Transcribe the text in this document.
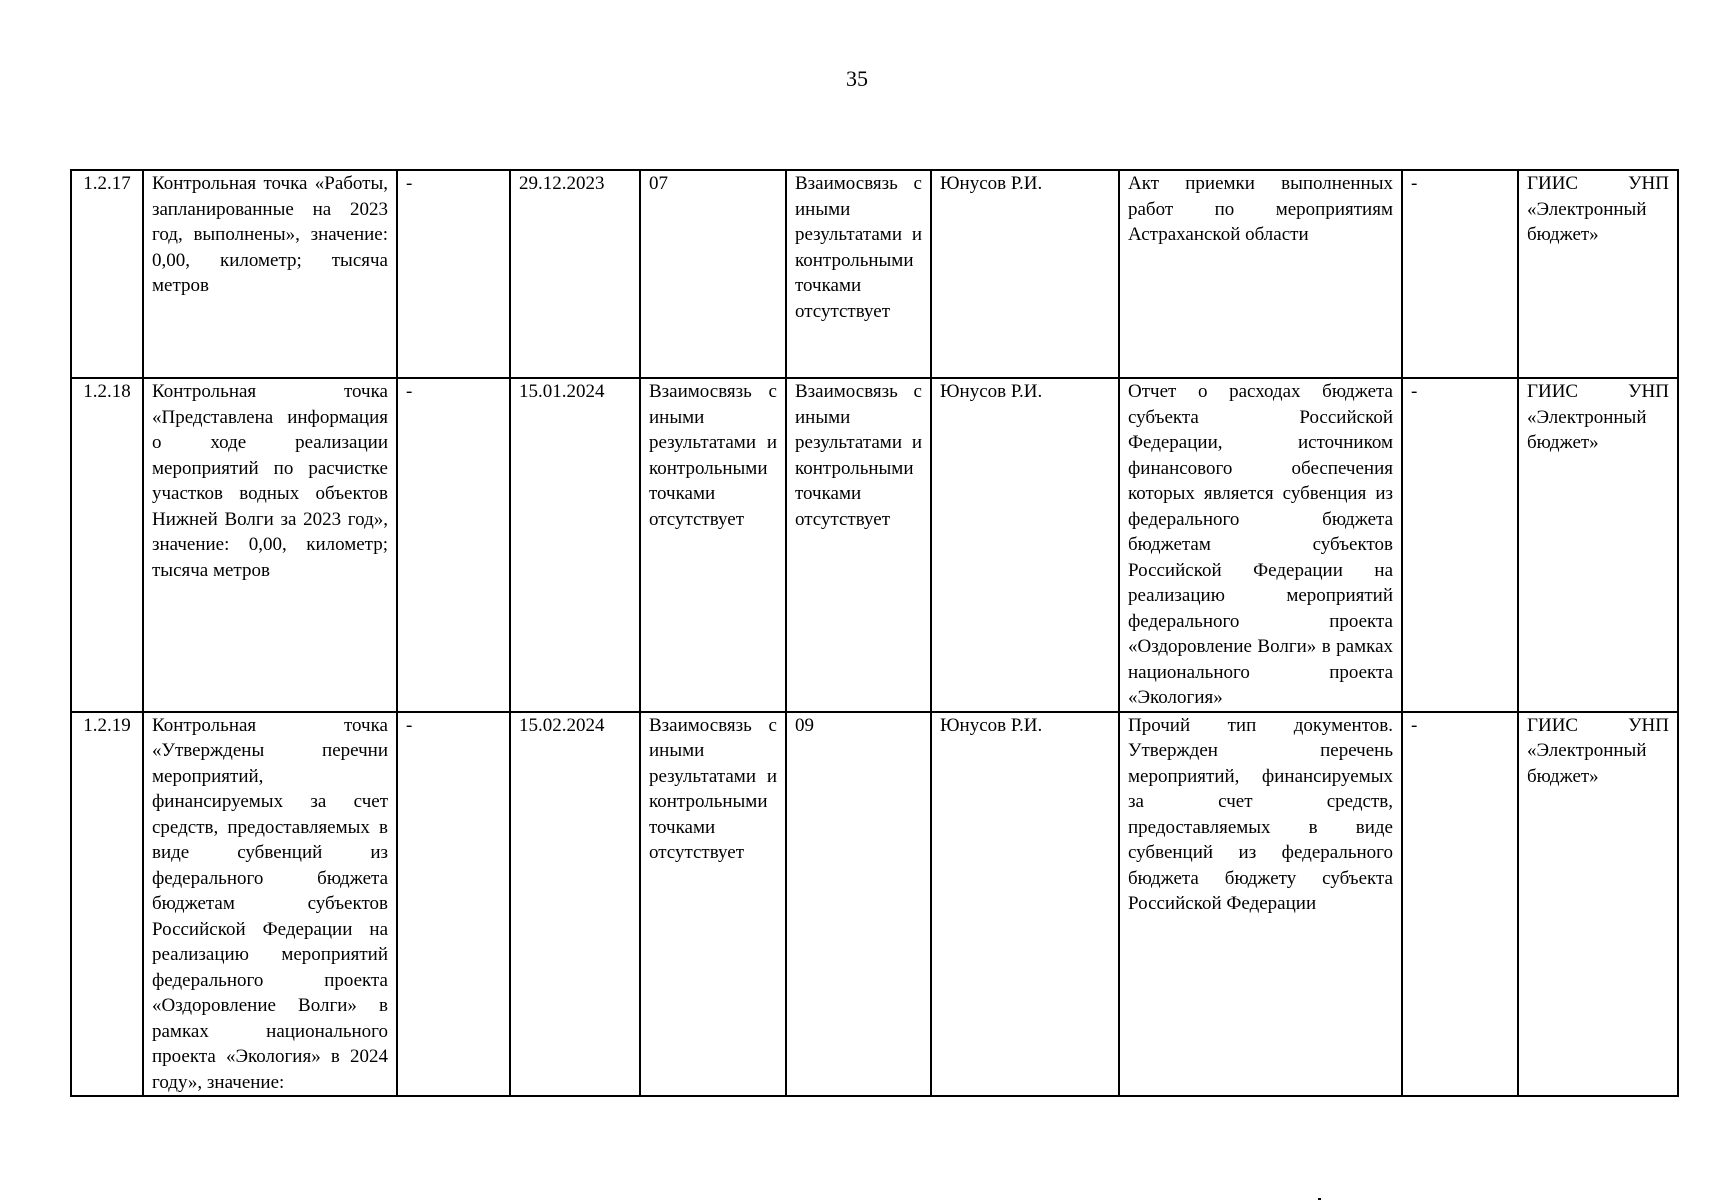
35
1.2.17	Контрольная точка «Работы, запланированные на 2023 год, выполнены», значение: 0,00, километр; тысяча метров	-	29.12.2023	07	Взаимосвязь с иными результатами и контрольными точками отсутствует	Юнусов Р.И.	Акт приемки выполненных работ по мероприятиям Астраханской области	-	ГИИС УНП «Электронный бюджет»
1.2.18	Контрольная точка «Представлена информация о ходе реализации мероприятий по расчистке участков водных объектов Нижней Волги за 2023 год», значение: 0,00, километр; тысяча метров	-	15.01.2024	Взаимосвязь с иными результатами и контрольными точками отсутствует	Взаимосвязь с иными результатами и контрольными точками отсутствует	Юнусов Р.И.	Отчет о расходах бюджета субъекта Российской Федерации, источником финансового обеспечения которых является субвенция из федерального бюджета бюджетам субъектов Российской Федерации на реализацию мероприятий федерального проекта «Оздоровление Волги» в рамках национального проекта «Экология»	-	ГИИС УНП «Электронный бюджет»
1.2.19	Контрольная точка «Утверждены перечни мероприятий, финансируемых за счет средств, предоставляемых в виде субвенций из федерального бюджета бюджетам субъектов Российской Федерации на реализацию мероприятий федерального проекта «Оздоровление Волги» в рамках национального проекта «Экология» в 2024 году», значение:	-	15.02.2024	Взаимосвязь с иными результатами и контрольными точками отсутствует	09	Юнусов Р.И.	Прочий тип документов. Утвержден перечень мероприятий, финансируемых за счет средств, предоставляемых в виде субвенций из федерального бюджета бюджету субъекта Российской Федерации	-	ГИИС УНП «Электронный бюджет»
